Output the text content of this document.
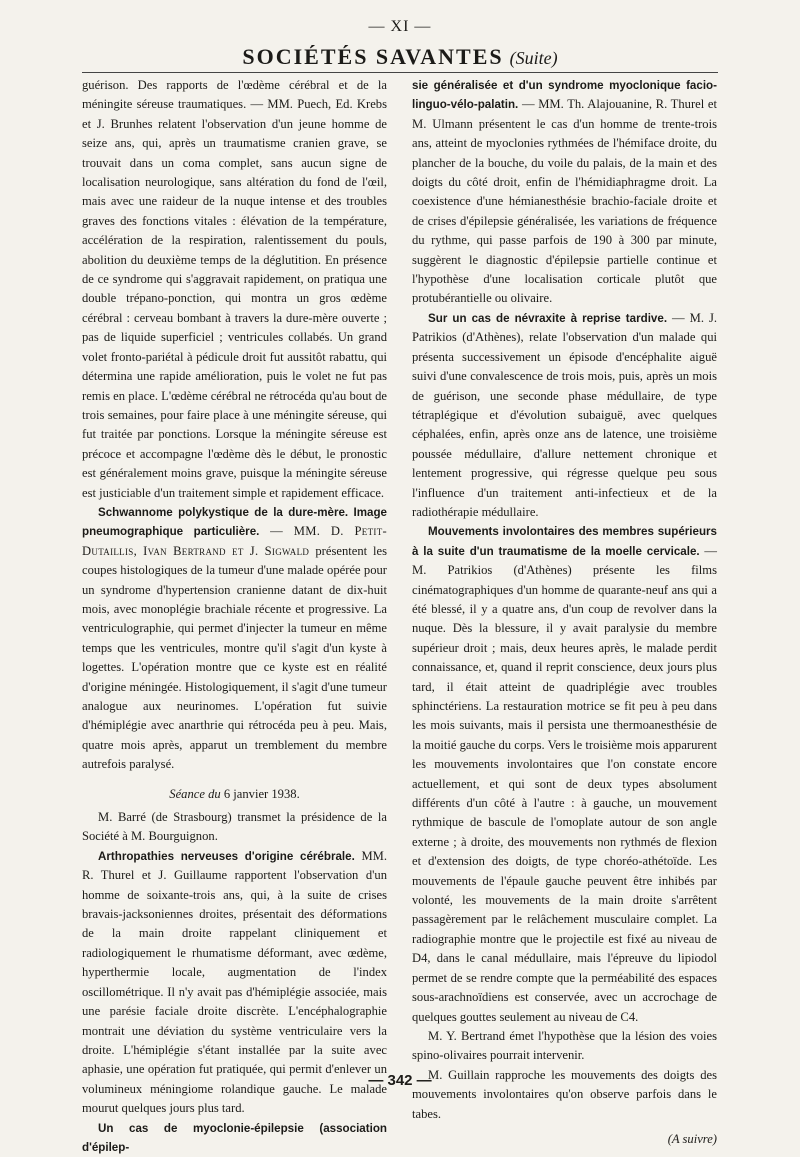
— XI —
SOCIÉTÉS SAVANTES (Suite)

guérison. Des rapports de l'œdème cérébral et de la méningite séreuse traumatiques. — MM. Puech, Ed. Krebs et J. Brunhes relatent l'observation d'un jeune homme de seize ans, qui, après un traumatisme cranien grave, se trouvait dans un coma complet, sans aucun signe de localisation neurologique, sans altération du fond de l'œil, mais avec une raideur de la nuque intense et des troubles graves des fonctions vitales : élévation de la température, accélération de la respiration, ralentissement du pouls, abolition du deuxième temps de la déglutition. En présence de ce syndrome qui s'aggravait rapidement, on pratiqua une double trépano-ponction, qui montra un gros œdème cérébral : cerveau bombant à travers la dure-mère ouverte ; pas de liquide superficiel ; ventricules collabés. Un grand volet fronto-pariétal à pédicule droit fut aussitôt rabattu, qui détermina une rapide amélioration, puis le volet ne fut pas remis en place. L'œdème cérébral ne rétrocéda qu'au bout de trois semaines, pour faire place à une méningite séreuse, qui fut traitée par ponctions. Lorsque la méningite séreuse est précoce et accompagne l'œdème dès le début, le pronostic est généralement moins grave, puisque la méningite séreuse est justiciable d'un traitement simple et rapidement efficace.

Schwannome polykystique de la dure-mère. Image pneumographique particulière. — MM. D. Petit-Dutaillis, Ivan Bertrand et J. Sigwald présentent les coupes histologiques de la tumeur d'une malade opérée pour un syndrome d'hypertension cranienne datant de dix-huit mois, avec monoplégie brachiale récente et progressive. La ventriculographie, qui permet d'injecter la tumeur en même temps que les ventricules, montre qu'il s'agit d'un kyste à logettes. L'opération montre que ce kyste est en réalité d'origine méningée. Histologiquement, il s'agit d'une tumeur analogue aux neurinomes. L'opération fut suivie d'hémiplégie avec anarthrie qui rétrocéda peu à peu. Mais, quatre mois après, apparut un tremblement du membre autrefois paralysé.

Séance du 6 janvier 1938.

M. Barré (de Strasbourg) transmet la présidence de la Société à M. Bourguignon.

Arthropathies nerveuses d'origine cérébrale. MM. R. Thurel et J. Guillaume rapportent l'observation d'un homme de soixante-trois ans, qui, à la suite de crises bravais-jacksoniennes droites, présentait des déformations de la main droite rappelant cliniquement et radiologiquement le rhumatisme déformant, avec œdème, hyperthermie locale, augmentation de l'index oscillométrique. Il n'y avait pas d'hémiplégie associée, mais une parésie faciale droite discrète. L'encéphalographie montrait une déviation du système ventriculaire vers la droite. L'hémiplégie s'étant installée par la suite avec aphasie, une opération fut pratiquée, qui permit d'enlever un volumineux méningiome rolandique gauche. Le malade mourut quelques jours plus tard.

Un cas de myoclonie-épilepsie (association d'épilep-

sie généralisée et d'un syndrome myoclonique facio-linguo-vélo-palatin. — MM. Th. Alajouanine, R. Thurel et M. Ulmann présentent le cas d'un homme de trente-trois ans, atteint de myoclonies rythmées de l'hémiface droite, du plancher de la bouche, du voile du palais, de la main et des doigts du côté droit, enfin de l'hémidiaphragme droit. La coexistence d'une hémianesthésie brachio-faciale droite et de crises d'épilepsie généralisée, les variations de fréquence du rythme, qui passe parfois de 190 à 300 par minute, suggèrent le diagnostic d'épilepsie partielle continue et l'hypothèse d'une localisation corticale plutôt que protubérantielle ou olivaire.

Sur un cas de névraxite à reprise tardive. — M. J. Patrikios (d'Athènes), relate l'observation d'un malade qui présenta successivement un épisode d'encéphalite aiguë suivi d'une convalescence de trois mois, puis, après un mois de guérison, une seconde phase médullaire, de type tétraplégique et d'évolution subaiguë, avec quelques céphalées, enfin, après onze ans de latence, une troisième poussée médullaire, d'allure nettement chronique et lentement progressive, qui régresse quelque peu sous l'influence d'un traitement anti-infectieux et de la radiothérapie médullaire.

Mouvements involontaires des membres supérieurs à la suite d'un traumatisme de la moelle cervicale. — M. Patrikios (d'Athènes) présente les films cinématographiques d'un homme de quarante-neuf ans qui a été blessé, il y a quatre ans, d'un coup de revolver dans la nuque. Dès la blessure, il y avait paralysie du membre supérieur droit ; mais, deux heures après, le malade perdit connaissance, et, quand il reprit conscience, deux jours plus tard, il était atteint de quadriplégie avec troubles sphinctériens. La restauration motrice se fit peu à peu dans les mois suivants, mais il persista une thermoanesthésie de la moitié gauche du corps. Vers le troisième mois apparurent les mouvements involontaires que l'on constate encore actuellement, et qui sont de deux types absolument différents d'un côté à l'autre : à gauche, un mouvement rythmique de bascule de l'omoplate autour de son angle externe ; à droite, des mouvements non rythmés de flexion et d'extension des doigts, de type choréo-athétoïde. Les mouvements de l'épaule gauche peuvent être inhibés par volonté, les mouvements de la main droite s'arrêtent passagèrement par le relâchement musculaire complet. La radiographie montre que le projectile est fixé au niveau de D4, dans le canal médullaire, mais l'épreuve du lipiodol permet de se rendre compte que la perméabilité des espaces sous-arachnoïdiens est conservée, avec un accrochage de quelques gouttes seulement au niveau de C4.

M. Y. Bertrand émet l'hypothèse que la lésion des voies spino-olivaires pourrait intervenir.

M. Guillain rapproche les mouvements des doigts des mouvements involontaires qu'on observe parfois dans le tabes.

(A suivre)

— 342 —
